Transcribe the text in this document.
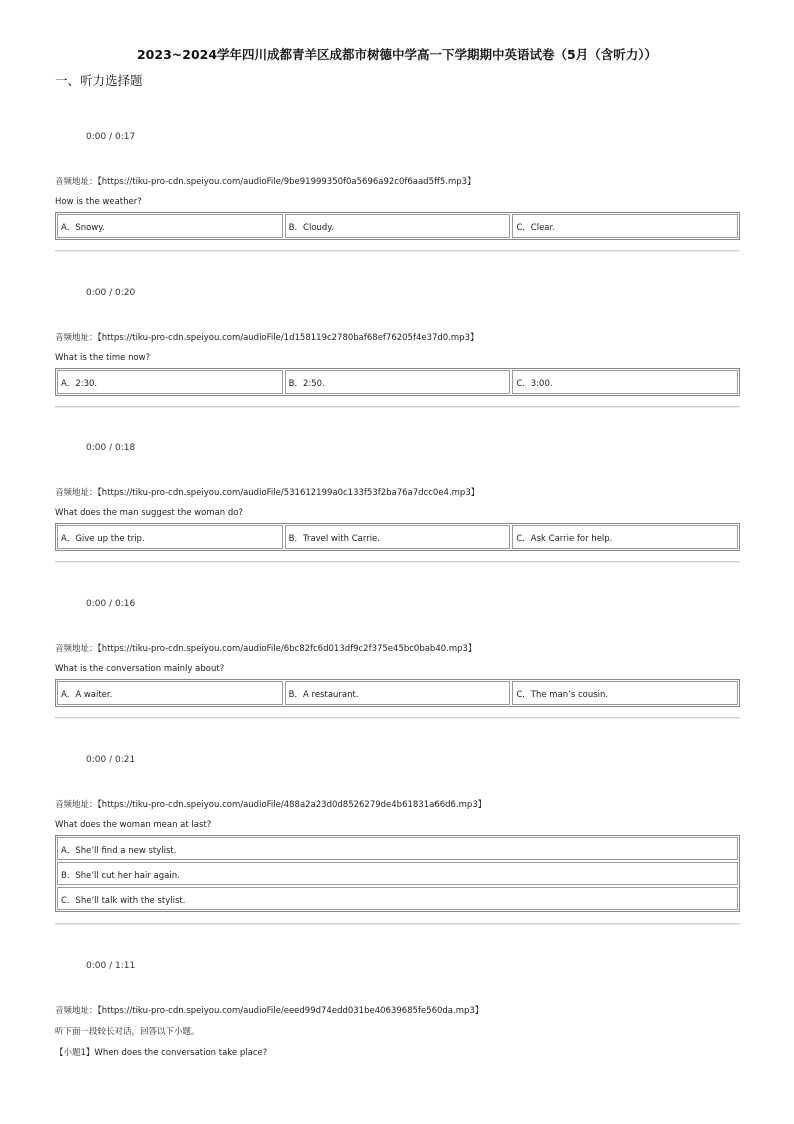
2023~2024学年四川成都青羊区成都市树德中学高一下学期期中英语试卷（5月（含听力））
一、听力选择题
0:00 / 0:17
音频地址：【https://tiku-pro-cdn.speiyou.com/audioFile/9be91999350f0a5696a92c0f6aad5ff5.mp3】
How is the weather?
A．Snowy.	B．Cloudy.	C．Clear.
0:00 / 0:20
音频地址：【https://tiku-pro-cdn.speiyou.com/audioFile/1d158119c2780baf68ef76205f4e37d0.mp3】
What is the time now?
A．2:30.	B．2:50.	C．3:00.
0:00 / 0:18
音频地址：【https://tiku-pro-cdn.speiyou.com/audioFile/531612199a0c133f53f2ba76a7dcc0e4.mp3】
What does the man suggest the woman do?
A．Give up the trip.	B．Travel with Carrie.	C．Ask Carrie for help.
0:00 / 0:16
音频地址：【https://tiku-pro-cdn.speiyou.com/audioFile/6bc82fc6d013df9c2f375e45bc0bab40.mp3】
What is the conversation mainly about?
A．A waiter.	B．A restaurant.	C．The man’s cousin.
0:00 / 0:21
音频地址：【https://tiku-pro-cdn.speiyou.com/audioFile/488a2a23d0d8526279de4b61831a66d6.mp3】
What does the woman mean at last?
A．She’ll find a new stylist.
B．She’ll cut her hair again.
C．She’ll talk with the stylist.
0:00 / 1:11
音频地址：【https://tiku-pro-cdn.speiyou.com/audioFile/eeed99d74edd031be40639685fe560da.mp3】
听下面一段较长对话，回答以下小题。
【小题1】When does the conversation take place?
